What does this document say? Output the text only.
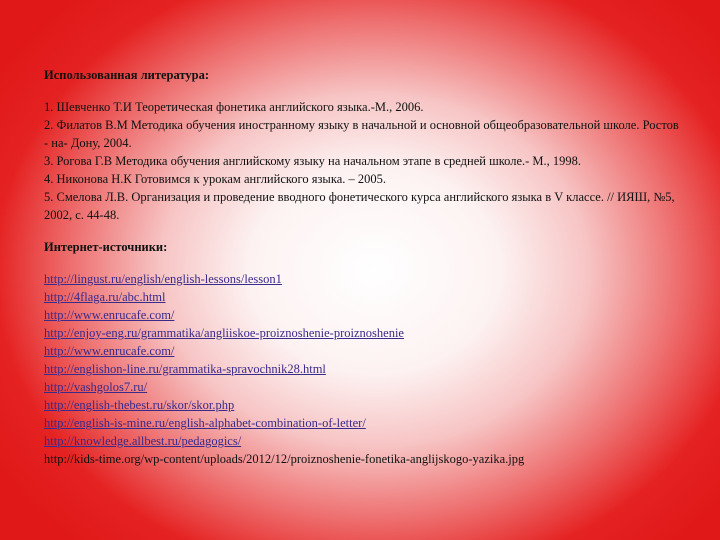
Использованная литература:

1. Шевченко Т.И Теоретическая фонетика английского языка.-М., 2006.

2. Филатов В.М Методика обучения иностранному языку в начальной и основной общеобразовательной школе. Ростов - на- Дону, 2004.

3. Рогова Г.В Методика обучения английскому языку на начальном этапе в средней школе.- М., 1998.

4. Никонова Н.К Готовимся к урокам английского языка. – 2005.

5. Смелова Л.В. Организация и проведение вводного фонетического курса английского языка в V классе. // ИЯШ, №5, 2002, с. 44-48.

Интернет-источники:
http://lingust.ru/english/english-lessons/lesson1
http://4flaga.ru/abc.html
http://www.enrucafe.com/
http://enjoy-eng.ru/grammatika/angliiskoe-proiznoshenie-proiznoshenie
http://www.enrucafe.com/
http://englishon-line.ru/grammatika-spravochnik28.html
http://vashgolos7.ru/
http://english-thebest.ru/skor/skor.php
http://english-is-mine.ru/english-alphabet-combination-of-letter/
http://knowledge.allbest.ru/pedagogics/
http://kids-time.org/wp-content/uploads/2012/12/proiznoshenie-fonetika-anglijskogo-yazika.jpg
